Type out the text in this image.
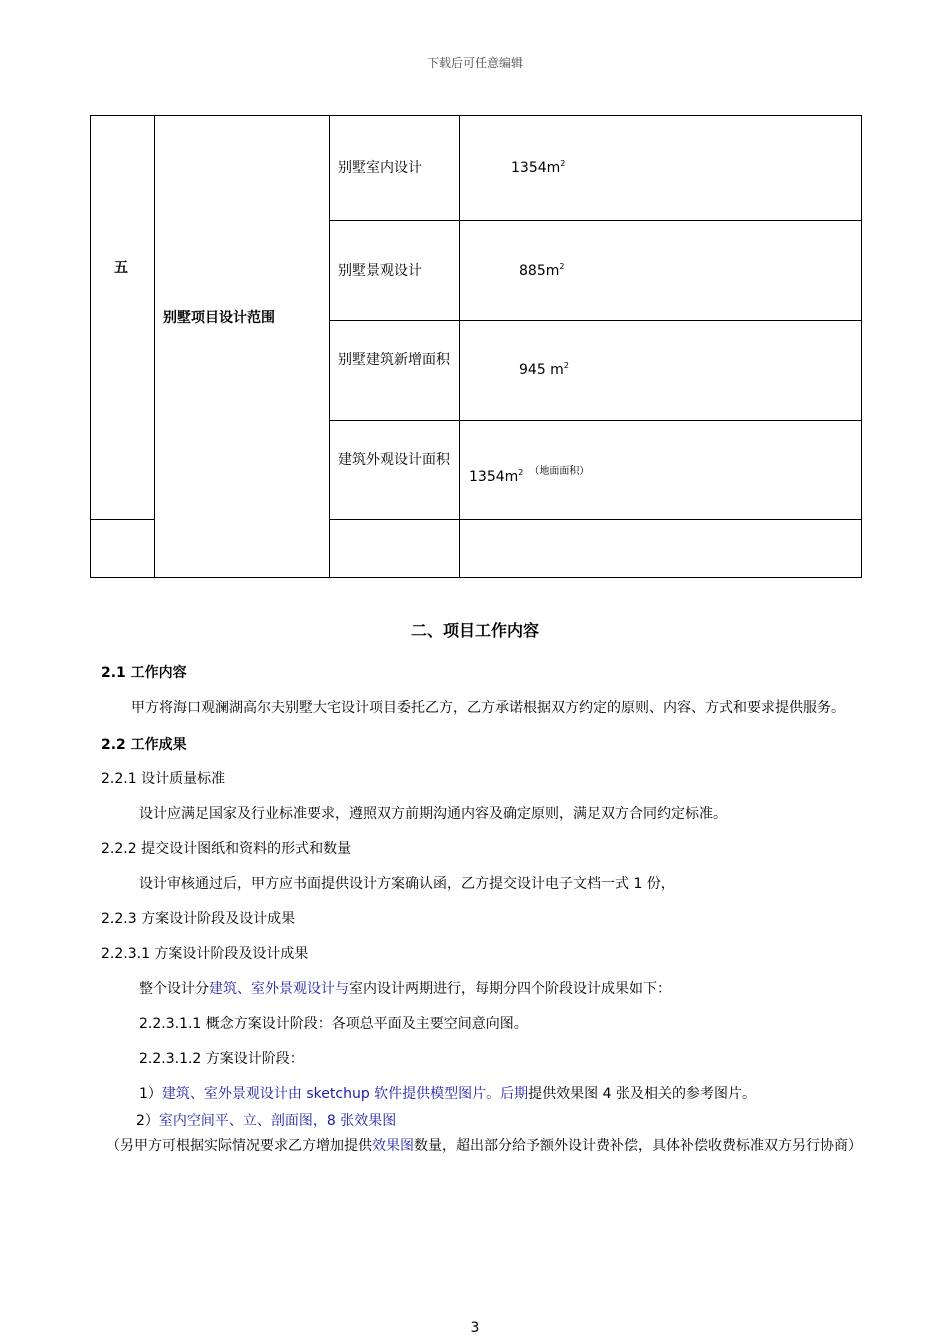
下载后可任意编辑
五
别墅项目设计范围
别墅室内设计	$1354m^2$
别墅景观设计	$885m^2$
别墅建筑新增面积
945 $m^2$
建筑外观设计面积
$1354m^2$ $^{(地面面积)}$
二、项目工作内容
2.1 工作内容
甲方将海口观澜湖高尔夫别墅大宅设计项目委托乙方，乙方承诺根据双方约定的原则、内容、方式和要求提供服务。
2.2 工作成果
2.2.1 设计质量标准
设计应满足国家及行业标准要求，遵照双方前期沟通内容及确定原则，满足双方合同约定标准。
2.2.2 提交设计图纸和资料的形式和数量
设计审核通过后，甲方应书面提供设计方案确认函，乙方提交设计电子文档一式 1 份，
2.2.3 方案设计阶段及设计成果
2.2.3.1 方案设计阶段及设计成果
整个设计分建筑、室外景观设计与室内设计两期进行，每期分四个阶段设计成果如下：
2.2.3.1.1 概念方案设计阶段：各项总平面及主要空间意向图。
2.2.3.1.2 方案设计阶段：
1）建筑、室外景观设计由 sketchup 软件提供模型图片。后期提供效果图 4 张及相关的参考图片。
2）室内空间平、立、剖面图，8 张效果图
（另甲方可根据实际情况要求乙方增加提供效果图数量，超出部分给予额外设计费补偿，具体补偿收费标准双方另行协商）
3
